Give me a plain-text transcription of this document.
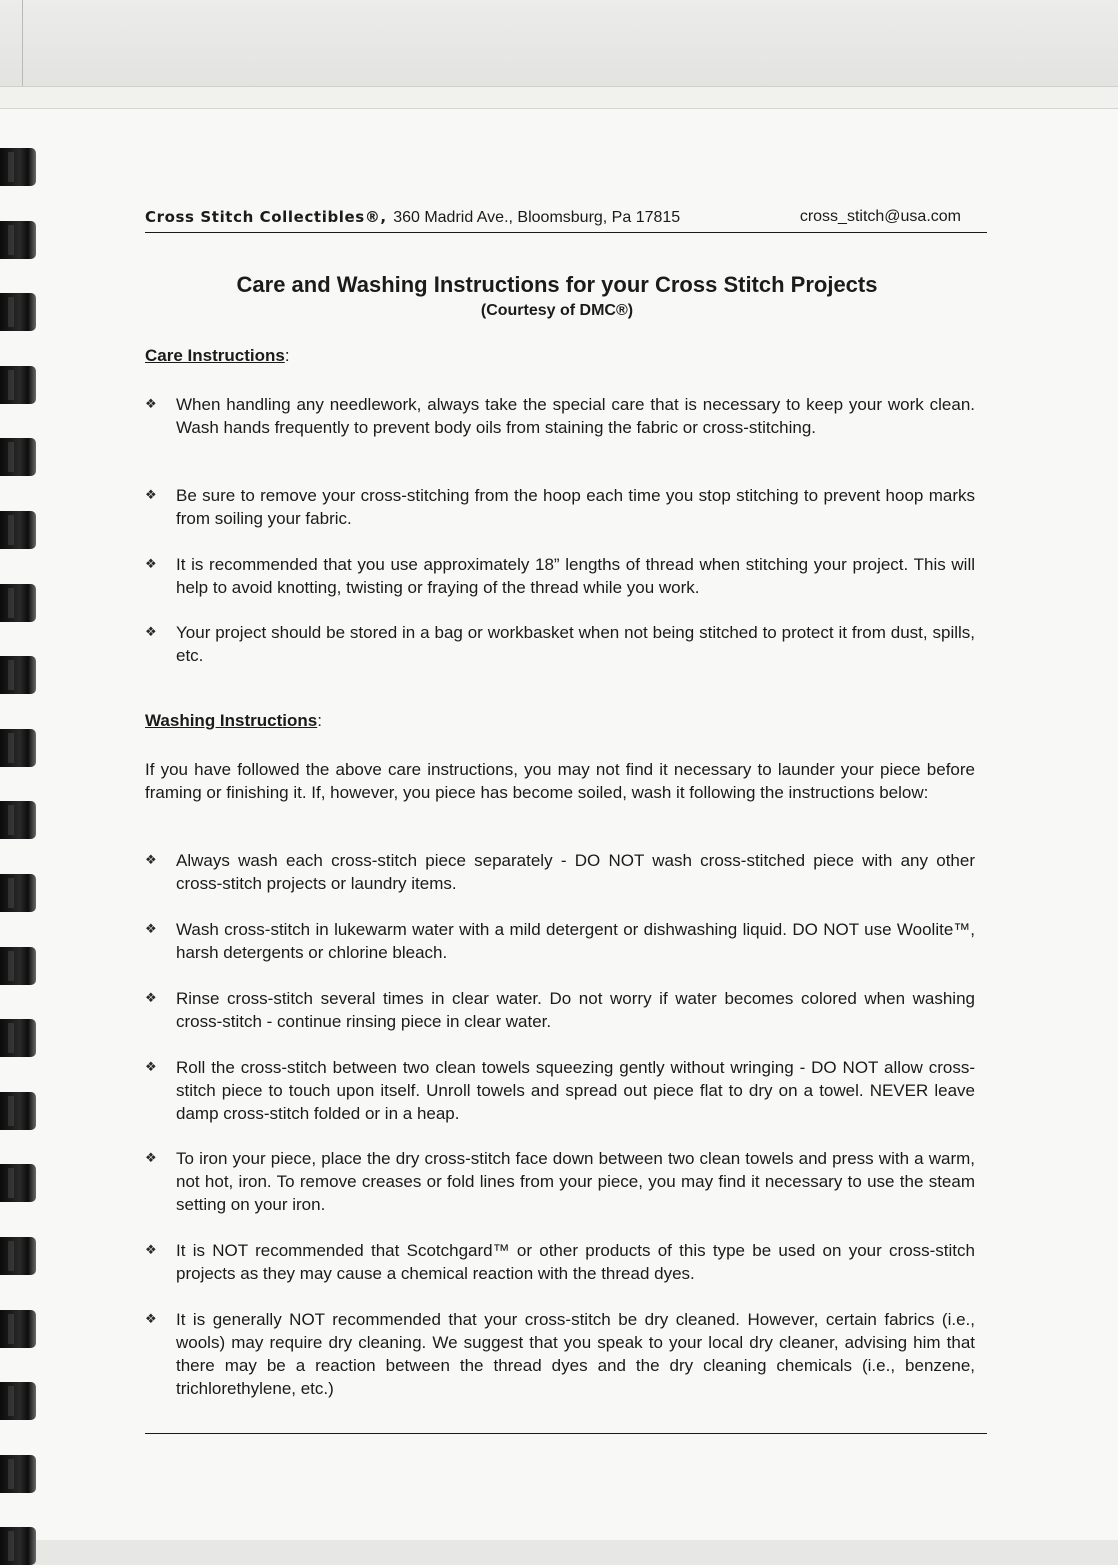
Cross Stitch Collectibles®, 360 Madrid Ave., Bloomsburg, Pa 17815	cross_stitch@usa.com
Care and Washing Instructions for your Cross Stitch Projects
(Courtesy of DMC®)
Care Instructions:
❖	When handling any needlework, always take the special care that is necessary to keep your work clean. Wash hands frequently to prevent body oils from staining the fabric or cross-stitching.
❖	Be sure to remove your cross-stitching from the hoop each time you stop stitching to prevent hoop marks from soiling your fabric.
❖	It is recommended that you use approximately 18” lengths of thread when stitching your project. This will help to avoid knotting, twisting or fraying of the thread while you work.
❖	Your project should be stored in a bag or workbasket when not being stitched to protect it from dust, spills, etc.
Washing Instructions:
If you have followed the above care instructions, you may not find it necessary to launder your piece before framing or finishing it. If, however, you piece has become soiled, wash it following the instructions below:
❖	Always wash each cross-stitch piece separately - DO NOT wash cross-stitched piece with any other cross-stitch projects or laundry items.
❖	Wash cross-stitch in lukewarm water with a mild detergent or dishwashing liquid. DO NOT use Woolite™, harsh detergents or chlorine bleach.
❖	Rinse cross-stitch several times in clear water. Do not worry if water becomes colored when washing cross-stitch - continue rinsing piece in clear water.
❖	Roll the cross-stitch between two clean towels squeezing gently without wringing - DO NOT allow cross-stitch piece to touch upon itself. Unroll towels and spread out piece flat to dry on a towel. NEVER leave damp cross-stitch folded or in a heap.
❖	To iron your piece, place the dry cross-stitch face down between two clean towels and press with a warm, not hot, iron. To remove creases or fold lines from your piece, you may find it necessary to use the steam setting on your iron.
❖	It is NOT recommended that Scotchgard™ or other products of this type be used on your cross-stitch projects as they may cause a chemical reaction with the thread dyes.
❖	It is generally NOT recommended that your cross-stitch be dry cleaned. However, certain fabrics (i.e., wools) may require dry cleaning. We suggest that you speak to your local dry cleaner, advising him that there may be a reaction between the thread dyes and the dry cleaning chemicals (i.e., benzene, trichlorethylene, etc.)
